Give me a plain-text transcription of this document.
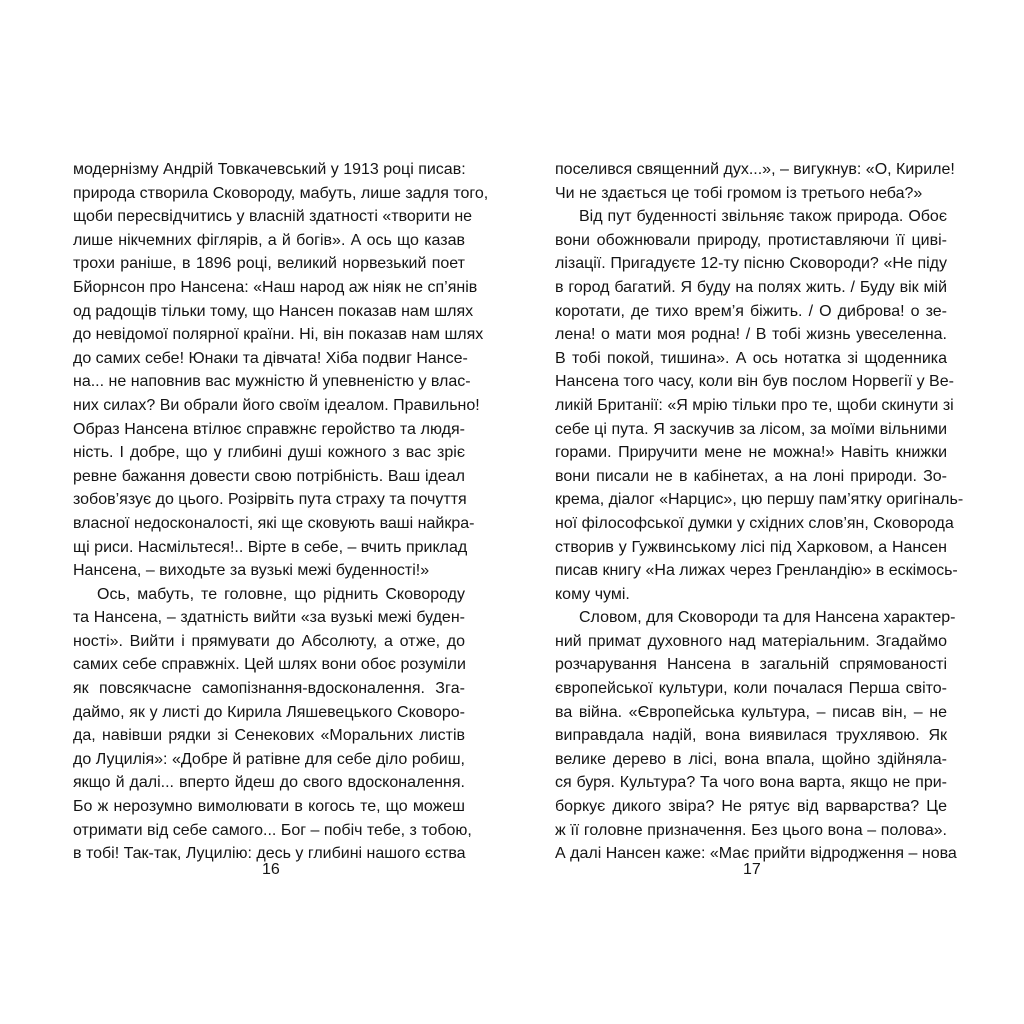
модернізму Андрій Товкачевський у 1913 році писав:
природа створила Сковороду, мабуть, лише задля того,
щоби пересвідчитись у власній здатності «творити не
лише нікчемних фіглярів, а й богів». А ось що казав
трохи раніше, в 1896 році, великий норвезький поет
Бйорнсон про Нансена: «Наш народ аж ніяк не сп’янів
од радощів тільки тому, що Нансен показав нам шлях
до невідомої полярної країни. Ні, він показав нам шлях
до самих себе! Юнаки та дівчата! Хіба подвиг Нансе-
на... не наповнив вас мужністю й упевненістю у влас-
них силах? Ви обрали його своїм ідеалом. Правильно!
Образ Нансена втілює справжнє геройство та людя-
ність. І добре, що у глибині душі кожного з вас зріє
ревне бажання довести свою потрібність. Ваш ідеал
зобов’язує до цього. Розірвіть пута страху та почуття
власної недосконалості, які ще сковують ваші найкра-
щі риси. Насмільтеся!.. Вірте в себе, – вчить приклад
Нансена, – виходьте за вузькі межі буденності!»
Ось, мабуть, те головне, що ріднить Сковороду
та Нансена, – здатність вийти «за вузькі межі буден-
ності». Вийти і прямувати до Абсолюту, а отже, до
самих себе справжніх. Цей шлях вони обоє розуміли
як повсякчасне самопізнання-вдосконалення. Згa-
даймо, як у листі до Кирила Ляшевецького Сковоро-
да, навівши рядки зі Сенекових «Моральних листів
до Луцилія»: «Добре й ратівне для себе діло робиш,
якщо й далі... вперто йдеш до свого вдосконалення.
Бо ж нерозумно вимолювати в когось те, що можеш
отримати від себе самого... Бог – побіч тебе, з тобою,
в тобі! Так-так, Луцилію: десь у глибині нашого єства
поселився священний дух...», – вигукнув: «О, Кириле!
Чи не здається це тобі громом із третього неба?»
Від пут буденності звільняє також природа. Обоє
вони обожнювали природу, протиставляючи її циві-
лізації. Пригадуєте 12-ту пісню Сковороди? «Не піду
в город багатий. Я буду на полях жить. / Буду вік мій
коротати, де тихо врем’я біжить. / О диброва! о зе-
лена! о мати моя родна! / В тобі жизнь увеселенна.
В тобі покой, тишина». А ось нотатка зі щоденника
Нансена того часу, коли він був послом Норвегії у Ве-
ликій Британії: «Я мрію тільки про те, щоби скинути зі
себе ці пута. Я заскучив за лісом, за моїми вільними
горами. Приручити мене не можна!» Навіть книжки
вони писали не в кабінетах, а на лоні природи. Зо-
крема, діалог «Нарцис», цю першу пам’ятку оригіналь-
ної філософської думки у східних слов’ян, Сковорода
створив у Гужвинському лісі під Харковом, а Нансен
писав книгу «На лижах через Гренландію» в ескімось-
кому чумі.
Словом, для Сковороди та для Нансена характер-
ний примат духовного над матеріальним. Згадаймо
розчарування Нансена в загальній спрямованості
європейської культури, коли почалася Перша світо-
ва війна. «Європейська культура, – писав він, – не
виправдала надій, вона виявилася трухлявою. Як
велике дерево в лісі, вона впала, щойно здійняла-
ся буря. Культура? Та чого вона варта, якщо не при-
боркує дикого звіра? Не рятує від варварства? Це
ж її головне призначення. Без цього вона – полова».
А далі Нансен каже: «Має прийти відродження – нова
16	17
